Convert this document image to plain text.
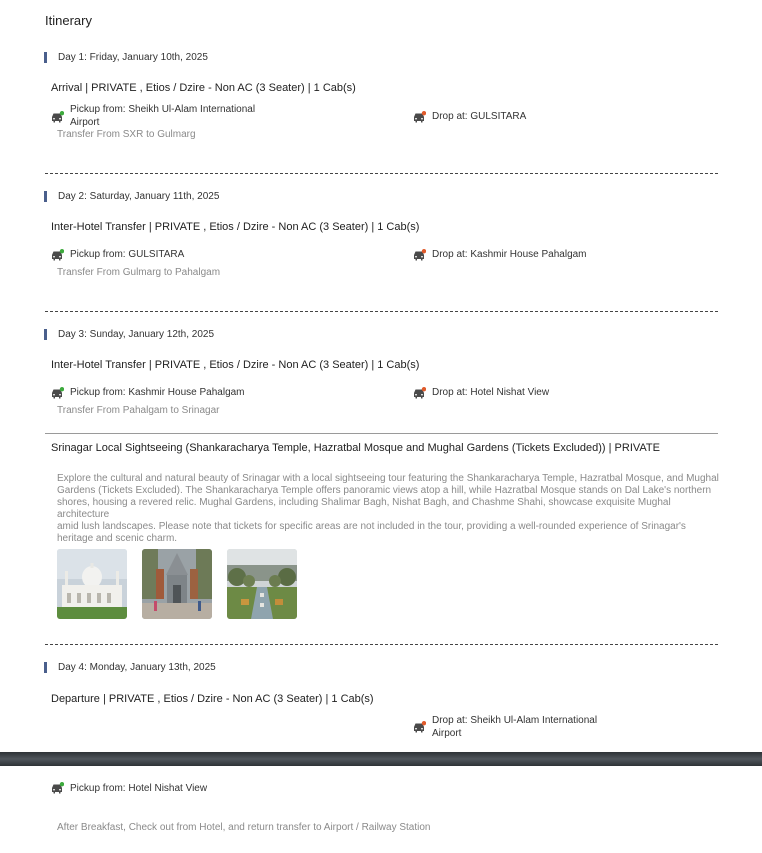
Itinerary
Day 1: Friday, January 10th, 2025
Arrival | PRIVATE , Etios / Dzire - Non AC (3 Seater) | 1 Cab(s)
Pickup from: Sheikh Ul-Alam International
Airport
Transfer From SXR to Gulmarg
Drop at: GULSITARA
Day 2: Saturday, January 11th, 2025
Inter-Hotel Transfer | PRIVATE , Etios / Dzire - Non AC (3 Seater) | 1 Cab(s)
Pickup from: GULSITARA
Transfer From Gulmarg to Pahalgam
Drop at: Kashmir House Pahalgam
Day 3: Sunday, January 12th, 2025
Inter-Hotel Transfer | PRIVATE , Etios / Dzire - Non AC (3 Seater) | 1 Cab(s)
Pickup from: Kashmir House Pahalgam
Transfer From Pahalgam to Srinagar
Drop at: Hotel Nishat View
Srinagar Local Sightseeing (Shankaracharya Temple, Hazratbal Mosque and Mughal Gardens (Tickets Excluded)) | PRIVATE
Explore the cultural and natural beauty of Srinagar with a local sightseeing tour featuring the Shankaracharya Temple, Hazratbal Mosque, and Mughal
Gardens (Tickets Excluded). The Shankaracharya Temple offers panoramic views atop a hill, while Hazratbal Mosque stands on Dal Lake's northern
shores, housing a revered relic. Mughal Gardens, including Shalimar Bagh, Nishat Bagh, and Chashme Shahi, showcase exquisite Mughal architecture
amid lush landscapes. Please note that tickets for specific areas are not included in the tour, providing a well-rounded experience of Srinagar's
heritage and scenic charm.
Day 4: Monday, January 13th, 2025
Departure | PRIVATE , Etios / Dzire - Non AC (3 Seater) | 1 Cab(s)
Drop at: Sheikh Ul-Alam International
Airport
Pickup from: Hotel Nishat View
After Breakfast, Check out from Hotel, and return transfer to Airport / Railway Station
